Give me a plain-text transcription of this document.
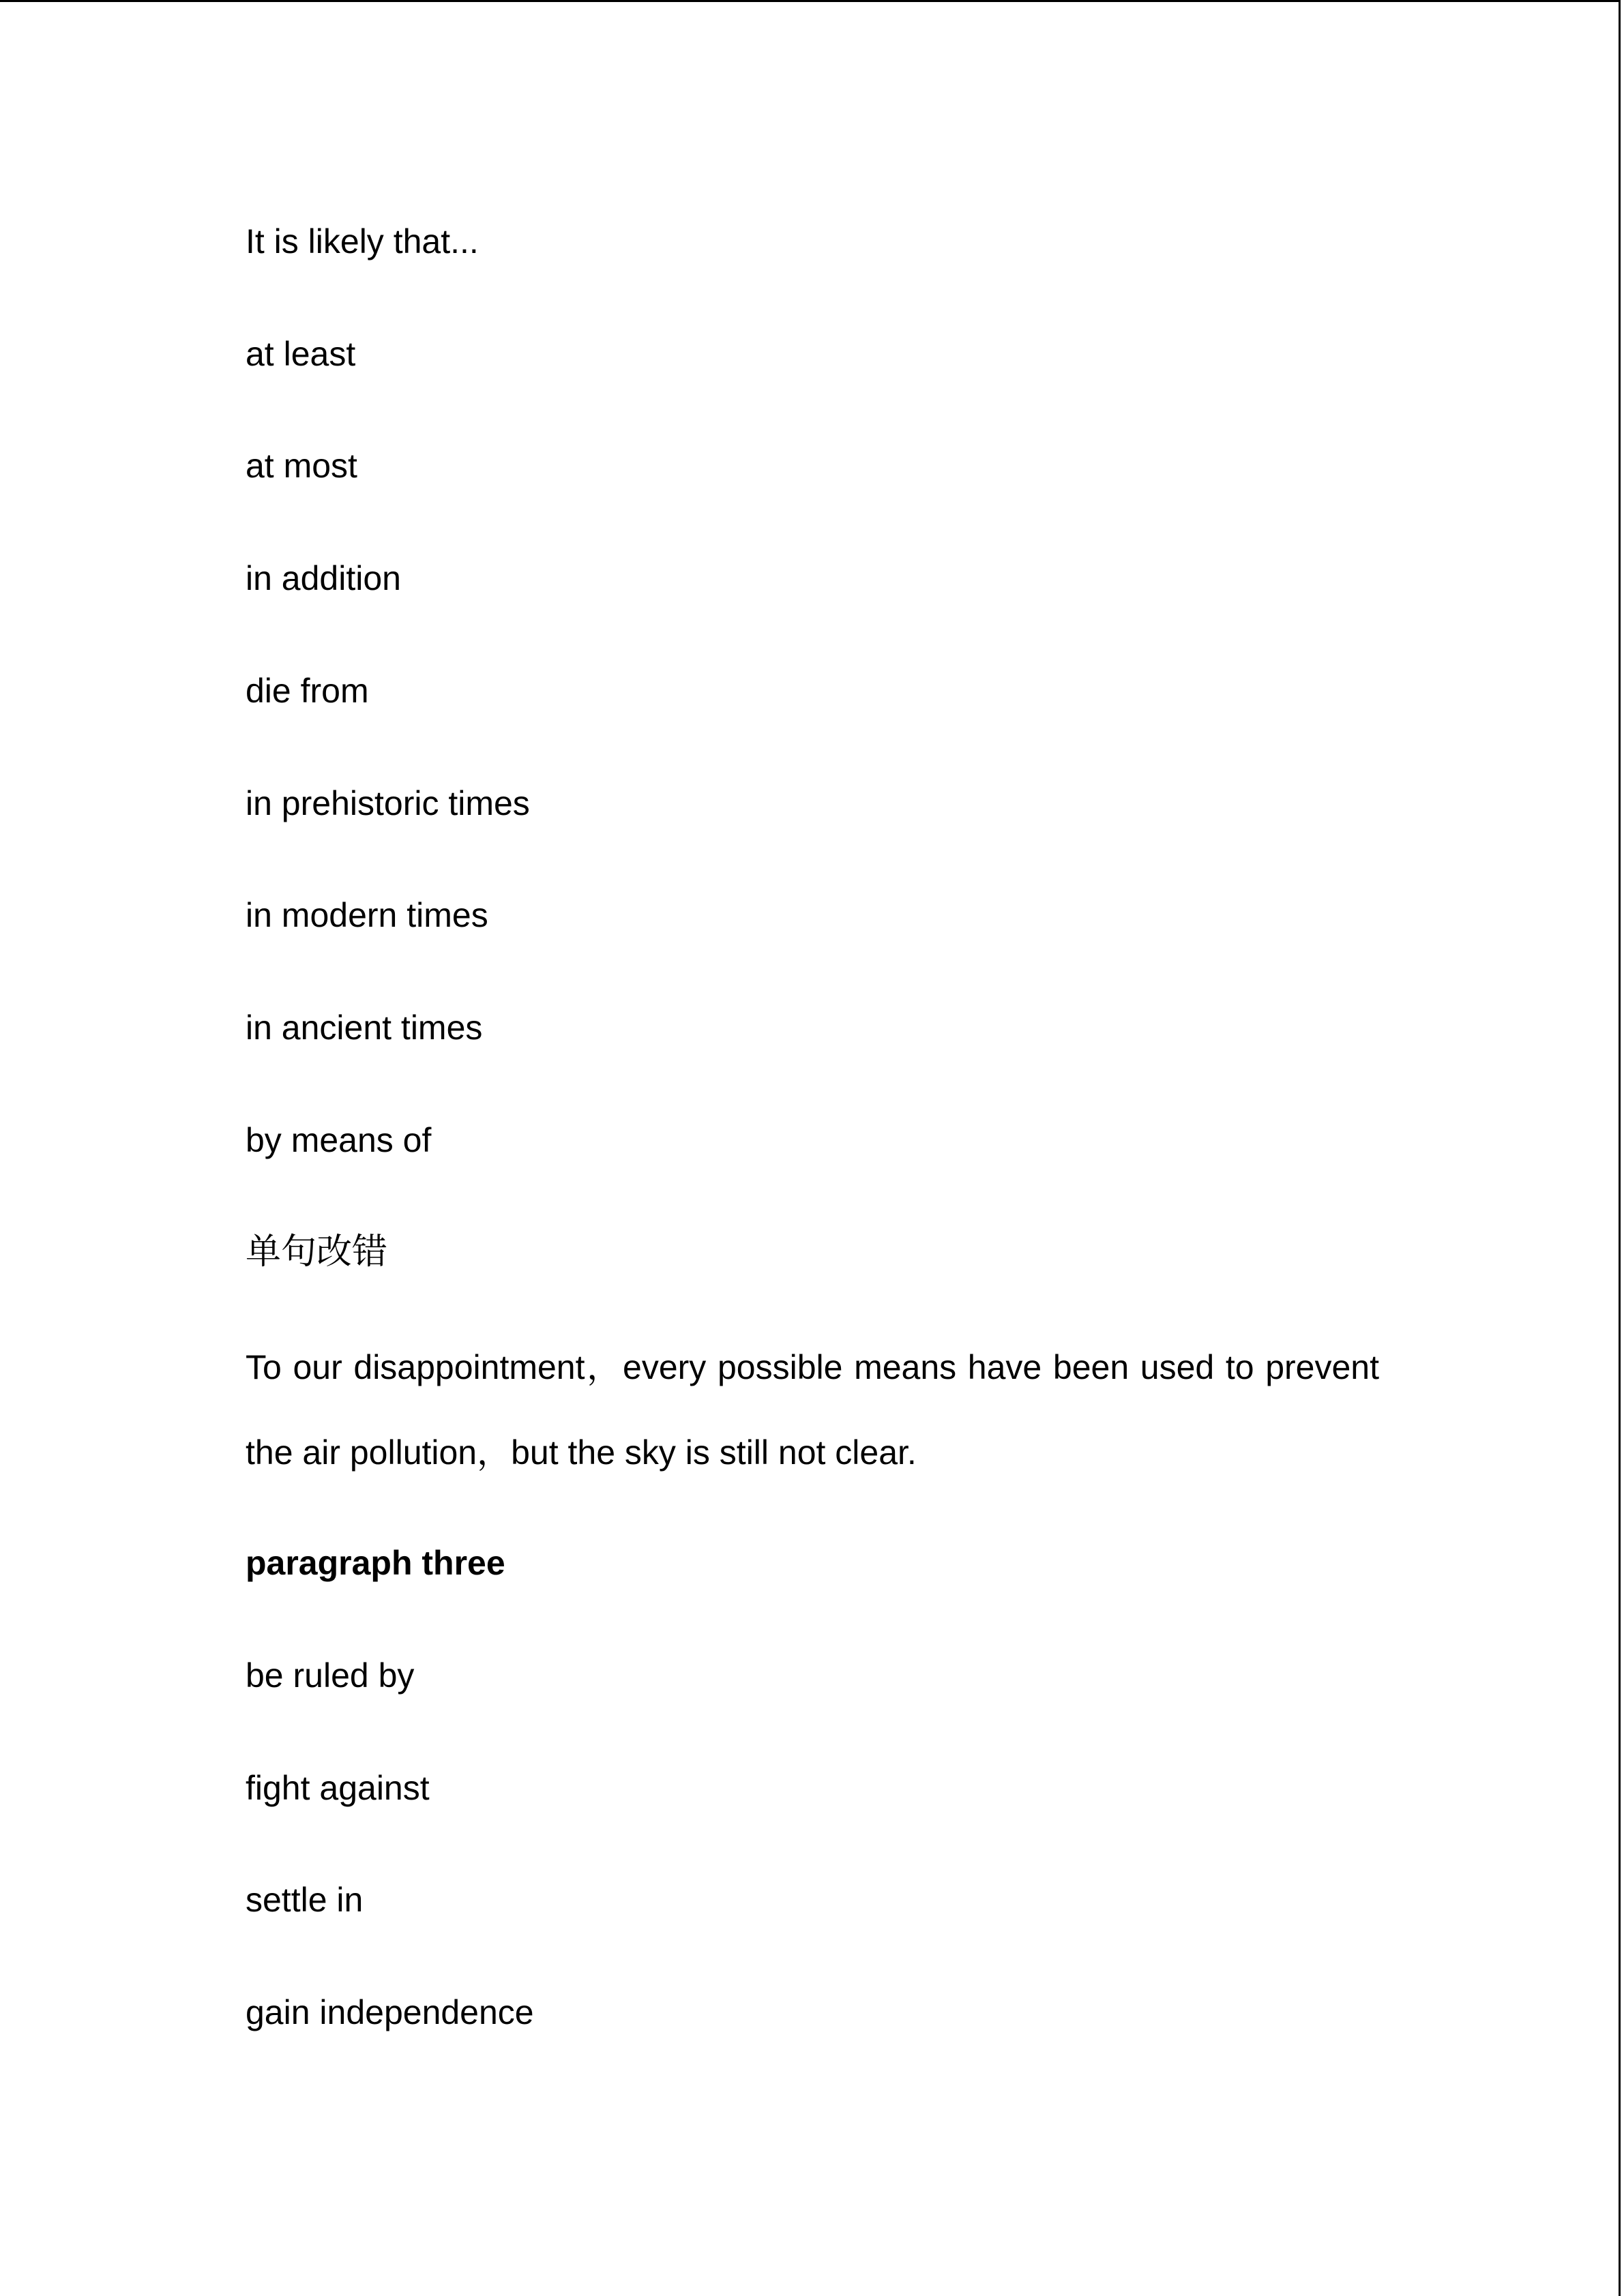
It is likely that...

at least

at most

in addition

die from

in prehistoric times

in modern times

in ancient times

by means of

单句改错

To our disappointment，every possible means have been used to prevent the air pollution，but the sky is still not clear.

paragraph three

be ruled by

fight against

settle in

gain independence
